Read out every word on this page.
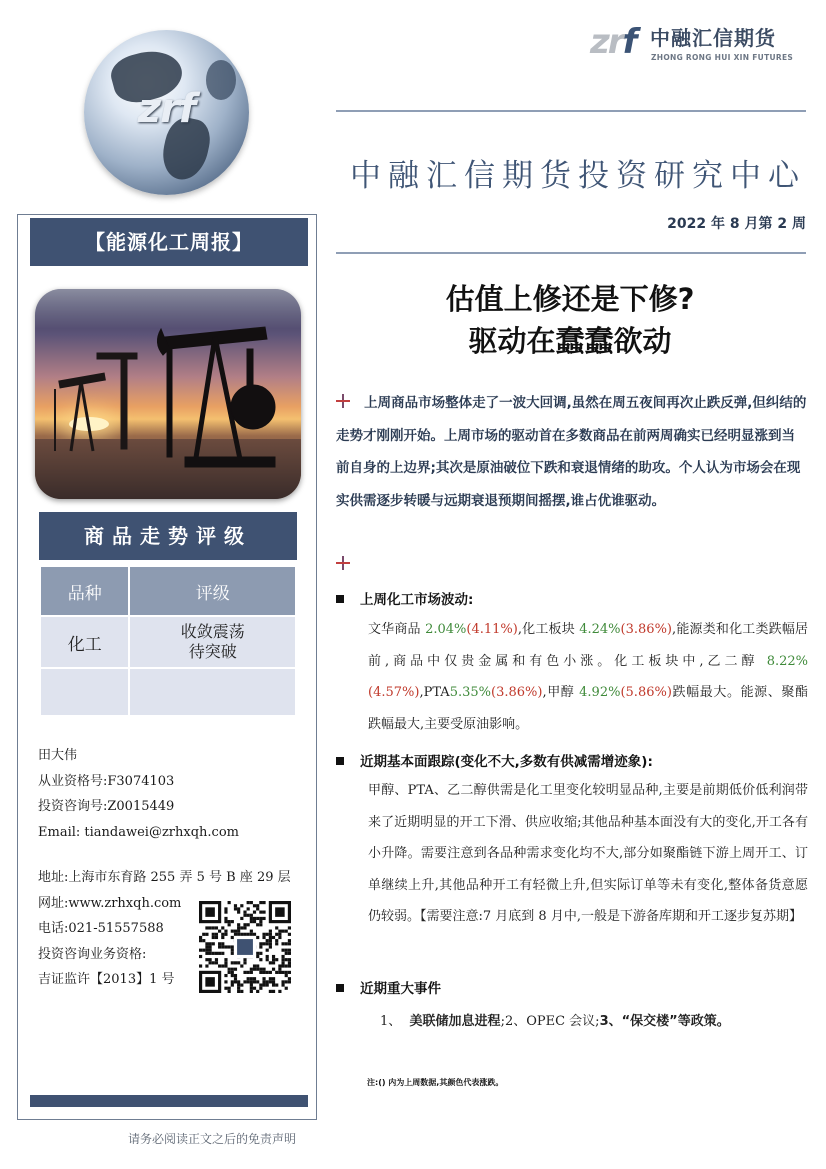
zrf
zrf 中融汇信期货
ZHONG RONG HUI XIN FUTURES
中融汇信期货投资研究中心
2022 年 8 月第 2 周
估值上修还是下修?
驱动在蠢蠢欲动
【能源化工周报】
商品走势评级
品种	评级
化工	收敛震荡
待突破

田大伟
从业资格号:F3074103
投资咨询号:Z0015449
Email: tiandawei@zrhxqh.com
地址:上海市东育路 255 弄 5 号 B 座 29 层
网址:www.zrhxqh.com
电话:021-51557588
投资咨询业务资格:
吉证监许【2013】1 号
请务必阅读正文之后的免责声明
上周商品市场整体走了一波大回调,虽然在周五夜间再次止跌反弹,但纠结的走势才刚刚开始。上周市场的驱动首在多数商品在前两周确实已经明显涨到当前自身的上边界;其次是原油破位下跌和衰退情绪的助攻。个人认为市场会在现实供需逐步转暖与远期衰退预期间摇摆,谁占优谁驱动。
上周化工市场波动:
文华商品 2.04%(4.11%),化工板块 4.24%(3.86%),能源类和化工类跌幅居前,商品中仅贵金属和有色小涨。化工板块中,乙二醇 8.22%(4.57%),PTA5.35%(3.86%),甲醇 4.92%(5.86%)跌幅最大。能源、聚酯跌幅最大,主要受原油影响。
近期基本面跟踪(变化不大,多数有供减需增迹象):
甲醇、PTA、乙二醇供需是化工里变化较明显品种,主要是前期低价低利润带来了近期明显的开工下滑、供应收缩;其他品种基本面没有大的变化,开工各有小升降。需要注意到各品种需求变化均不大,部分如聚酯链下游上周开工、订单继续上升,其他品种开工有轻微上升,但实际订单等未有变化,整体备货意愿仍较弱。【需要注意:7 月底到 8 月中,一般是下游备库期和开工逐步复苏期】
近期重大事件
1、 美联储加息进程;2、OPEC 会议;3、“保交楼”等政策。
注:() 内为上周数据,其颜色代表涨跌。
